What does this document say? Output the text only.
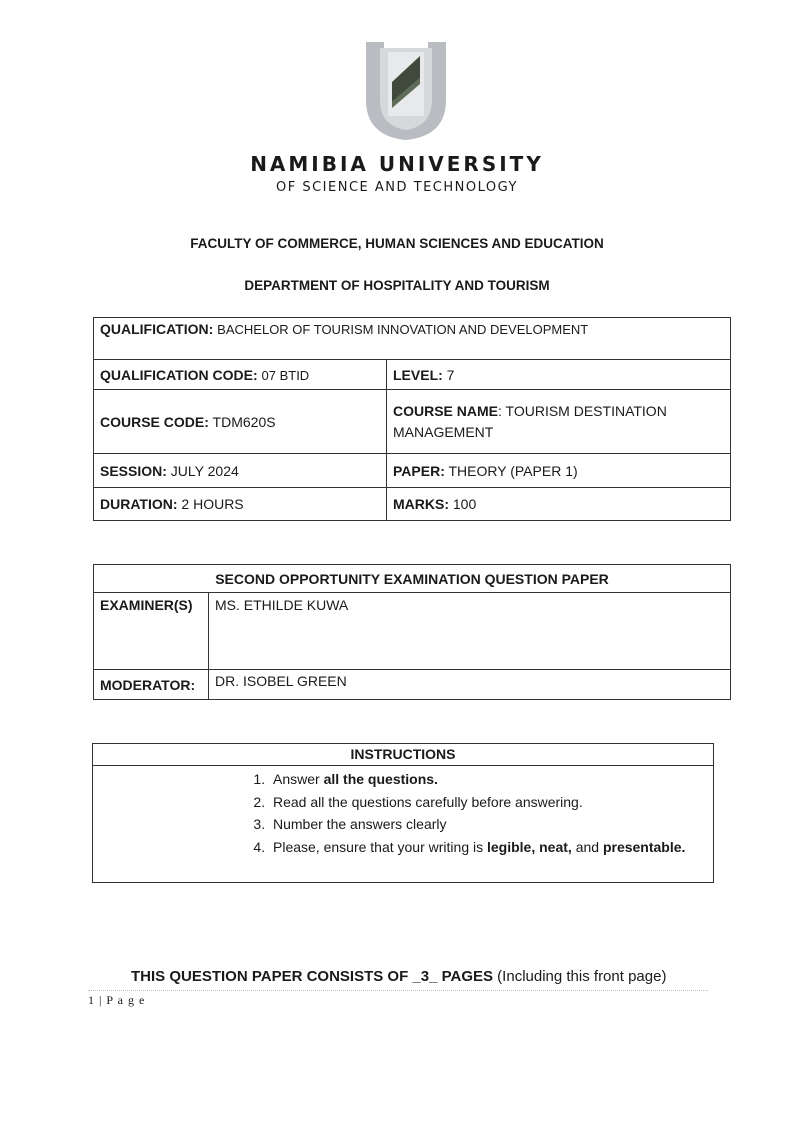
NAMIBIA UNIVERSITY
OF SCIENCE AND TECHNOLOGY
FACULTY OF COMMERCE, HUMAN SCIENCES AND EDUCATION
DEPARTMENT OF HOSPITALITY AND TOURISM
QUALIFICATION: BACHELOR OF TOURISM INNOVATION AND DEVELOPMENT	
QUALIFICATION CODE: 07 BTID	LEVEL: 7
COURSE CODE: TDM620S	COURSE NAME: TOURISM DESTINATION MANAGEMENT
SESSION: JULY 2024	PAPER: THEORY (PAPER 1)
DURATION: 2 HOURS	MARKS: 100
SECOND OPPORTUNITY EXAMINATION QUESTION PAPER	
EXAMINER(S)	MS. ETHILDE KUWA
MODERATOR:	DR. ISOBEL GREEN
INSTRUCTIONS
1. Answer all the questions.
2. Read all the questions carefully before answering.
3. Number the answers clearly
4. Please, ensure that your writing is legible, neat, and presentable.
THIS QUESTION PAPER CONSISTS OF _3_ PAGES (Including this front page)
1 | P a g e
